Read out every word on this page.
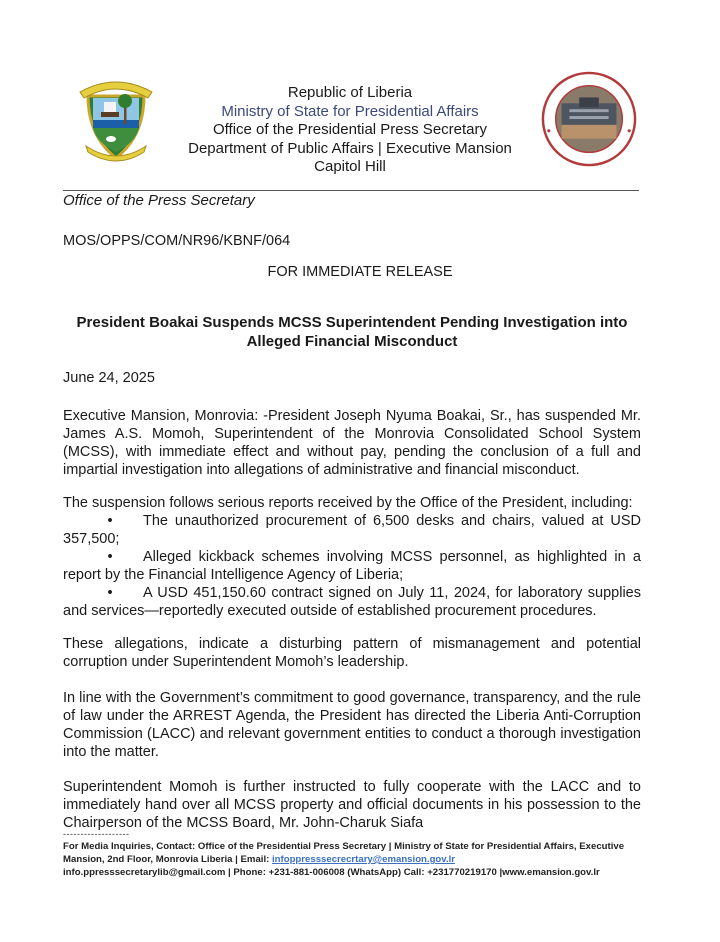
Republic of Liberia
Ministry of State for Presidential Affairs
Office of the Presidential Press Secretary
Department of Public Affairs | Executive Mansion
Capitol Hill
Office of the Press Secretary
MOS/OPPS/COM/NR96/KBNF/064
FOR IMMEDIATE RELEASE
President Boakai Suspends MCSS Superintendent Pending Investigation into
Alleged Financial Misconduct
June 24, 2025
Executive Mansion, Monrovia: -President Joseph Nyuma Boakai, Sr., has suspended Mr. James A.S. Momoh, Superintendent of the Monrovia Consolidated School System (MCSS), with immediate effect and without pay, pending the conclusion of a full and impartial investigation into allegations of administrative and financial misconduct.
The suspension follows serious reports received by the Office of the President, including:
• The unauthorized procurement of 6,500 desks and chairs, valued at USD 357,500;
• Alleged kickback schemes involving MCSS personnel, as highlighted in a report by the Financial Intelligence Agency of Liberia;
• A USD 451,150.60 contract signed on July 11, 2024, for laboratory supplies and services—reportedly executed outside of established procurement procedures.
These allegations, indicate a disturbing pattern of mismanagement and potential corruption under Superintendent Momoh’s leadership.
In line with the Government’s commitment to good governance, transparency, and the rule of law under the ARREST Agenda, the President has directed the Liberia Anti-Corruption Commission (LACC) and relevant government entities to conduct a thorough investigation into the matter.
Superintendent Momoh is further instructed to fully cooperate with the LACC and to immediately hand over all MCSS property and official documents in his possession to the Chairperson of the MCSS Board, Mr. John-Charuk Siafa
-------------------
For Media Inquiries, Contact: Office of the Presidential Press Secretary | Ministry of State for Presidential Affairs, Executive Mansion, 2nd Floor, Monrovia Liberia | Email: infoppresssecrecrtary@emansion.gov.lr
info.ppresssecretarylib@gmail.com | Phone: +231-881-006008 (WhatsApp) Call: +231770219170 |www.emansion.gov.lr
